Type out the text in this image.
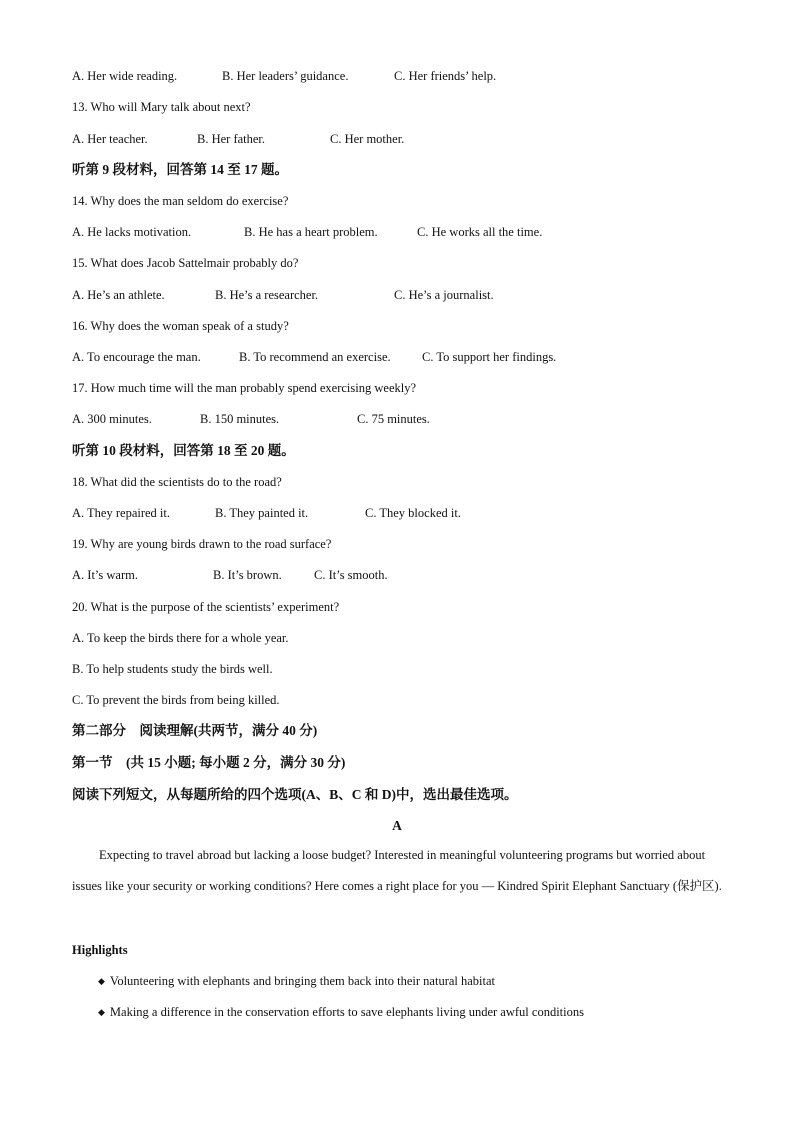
A. Her wide reading.	B. Her leaders’ guidance.	C. Her friends’ help.
13. Who will Mary talk about next?
A. Her teacher.	B. Her father.	C. Her mother.
听第 9 段材料，回答第 14 至 17 题。
14. Why does the man seldom do exercise?
A. He lacks motivation.	B. He has a heart problem.	C. He works all the time.
15. What does Jacob Sattelmair probably do?
A. He’s an athlete.	B. He’s a researcher.	C. He’s a journalist.
16. Why does the woman speak of a study?
A. To encourage the man.	B. To recommend an exercise.	C. To support her findings.
17. How much time will the man probably spend exercising weekly?
A. 300 minutes.	B. 150 minutes.	C. 75 minutes.
听第 10 段材料，回答第 18 至 20 题。
18. What did the scientists do to the road?
A. They repaired it.	B. They painted it.	C. They blocked it.
19. Why are young birds drawn to the road surface?
A. It’s warm.	B. It’s brown.	C. It’s smooth.
20. What is the purpose of the scientists’ experiment?
A. To keep the birds there for a whole year.
B. To help students study the birds well.
C. To prevent the birds from being killed.
第二部分　阅读理解(共两节，满分 40 分)
第一节　(共 15 小题; 每小题 2 分，满分 30 分)
阅读下列短文，从每题所给的四个选项(A、B、C 和 D)中，选出最佳选项。
A
Expecting to travel abroad but lacking a loose budget? Interested in meaningful volunteering programs but worried about issues like your security or working conditions? Here comes a right place for you — Kindred Spirit Elephant Sanctuary (保护区).
Highlights
◆ Volunteering with elephants and bringing them back into their natural habitat
◆ Making a difference in the conservation efforts to save elephants living under awful conditions
